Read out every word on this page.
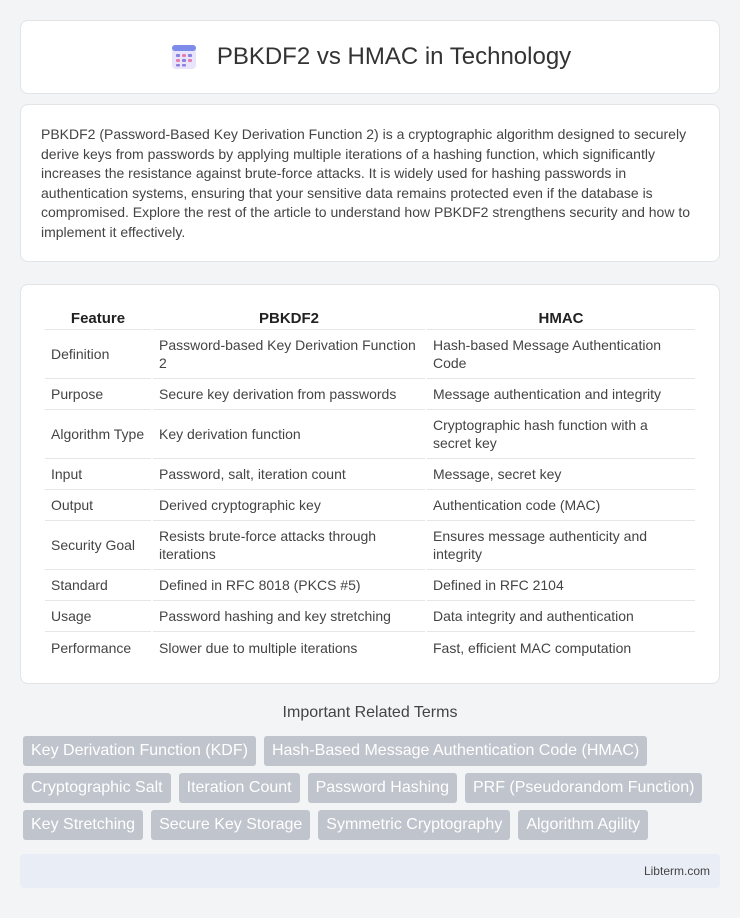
PBKDF2 vs HMAC in Technology

PBKDF2 (Password-Based Key Derivation Function 2) is a cryptographic algorithm designed to securely derive keys from passwords by applying multiple iterations of a hashing function, which significantly increases the resistance against brute-force attacks. It is widely used for hashing passwords in authentication systems, ensuring that your sensitive data remains protected even if the database is compromised. Explore the rest of the article to understand how PBKDF2 strengthens security and how to implement it effectively.

Feature	PBKDF2	HMAC
Definition	Password-based Key Derivation Function 2	Hash-based Message Authentication Code
Purpose	Secure key derivation from passwords	Message authentication and integrity
Algorithm Type	Key derivation function	Cryptographic hash function with a secret key
Input	Password, salt, iteration count	Message, secret key
Output	Derived cryptographic key	Authentication code (MAC)
Security Goal	Resists brute-force attacks through iterations	Ensures message authenticity and integrity
Standard	Defined in RFC 8018 (PKCS #5)	Defined in RFC 2104
Usage	Password hashing and key stretching	Data integrity and authentication
Performance	Slower due to multiple iterations	Fast, efficient MAC computation
Important Related Terms
Key Derivation Function (KDF)	Hash-Based Message Authentication Code (HMAC)
Cryptographic Salt	Iteration Count	Password Hashing	PRF (Pseudorandom Function)
Key Stretching	Secure Key Storage	Symmetric Cryptography	Algorithm Agility
Libterm.com
